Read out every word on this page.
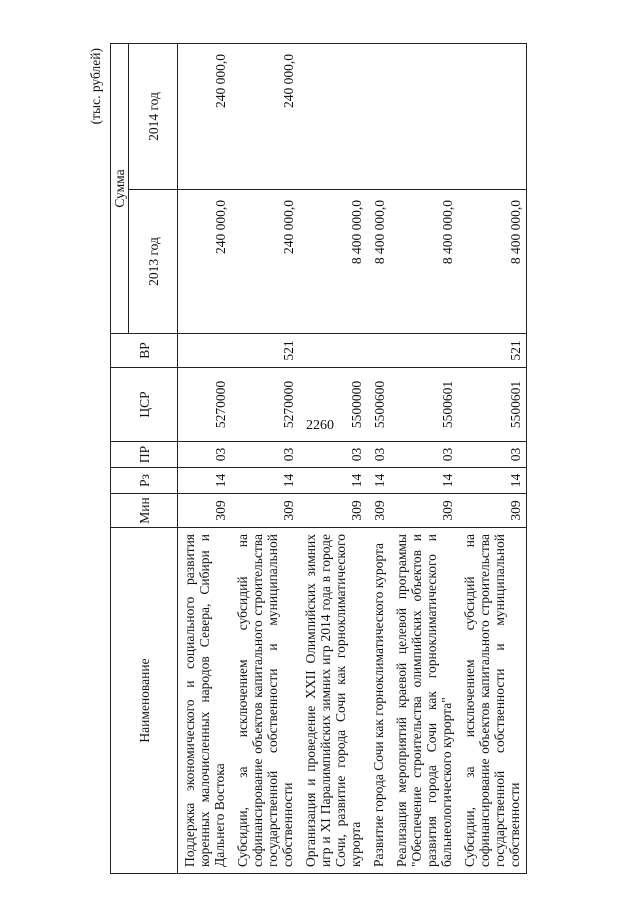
2260
(тыс. рублей)
Наименование	Мин	Рз	ПР	ЦСР	ВР	Сумма	
						2013 год	2014 год
Поддержка экономического и социального развития коренных малочисленных народов Севера, Сибири и Дальнего Востока	309	14	03	5270000		240 000,0	240 000,0
Субсидии, за исключением субсидий на софинансирование объектов капитального строительства государственной собственности и муниципальной собственности	309	14	03	5270000	521	240 000,0	240 000,0
Организация и проведение XXII Олимпийских зимних игр и XI Паралимпийских зимних игр 2014 года в городе Сочи, развитие города Сочи как горноклиматического курорта	309	14	03	5500000		8 400 000,0	
Развитие города Сочи как горноклиматического курорта	309	14	03	5500600		8 400 000,0	
Реализация мероприятий краевой целевой программы "Обеспечение строительства олимпийских объектов и развития города Сочи как горноклиматического и бальнеологического курорта"	309	14	03	5500601		8 400 000,0	
Субсидии, за исключением субсидий на софинансирование объектов капитального строительства государственной собственности и муниципальной собственности	309	14	03	5500601	521	8 400 000,0	
